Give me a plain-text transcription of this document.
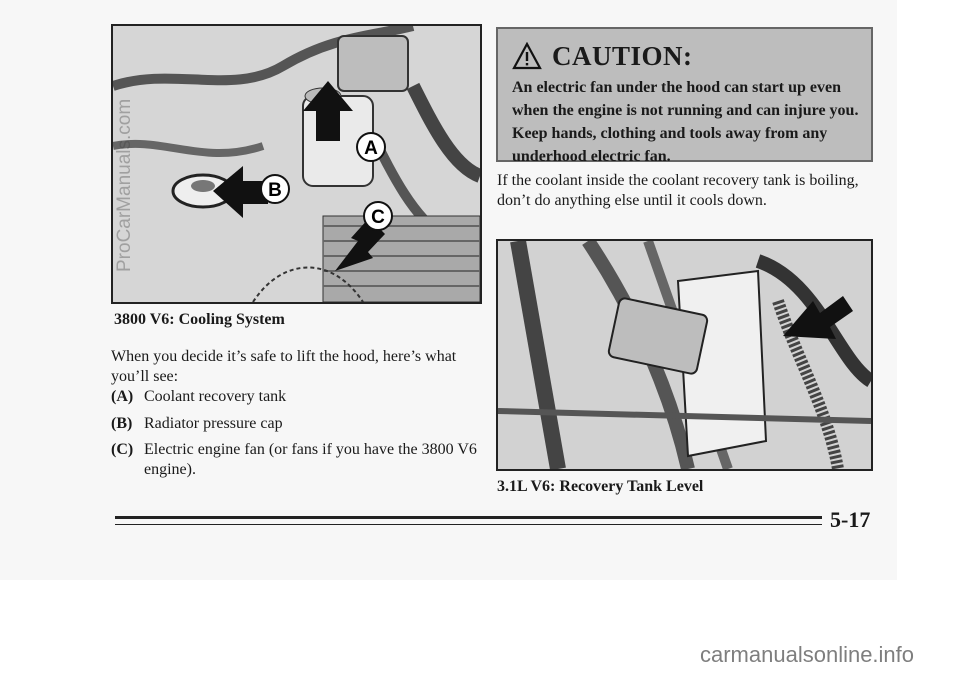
A
B
C
3800 V6: Cooling System
When you decide it’s safe to lift the hood, here’s what you’ll see:
(A) Coolant recovery tank
(B) Radiator pressure cap
(C) Electric engine fan (or fans if you have the 3800 V6 engine).
CAUTION:
An electric fan under the hood can start up even when the engine is not running and can injure you. Keep hands, clothing and tools away from any underhood electric fan.
If the coolant inside the coolant recovery tank is boiling, don’t do anything else until it cools down.
3.1L V6: Recovery Tank Level
5-17
ProCarManuals.com
carmanualsonline.info
